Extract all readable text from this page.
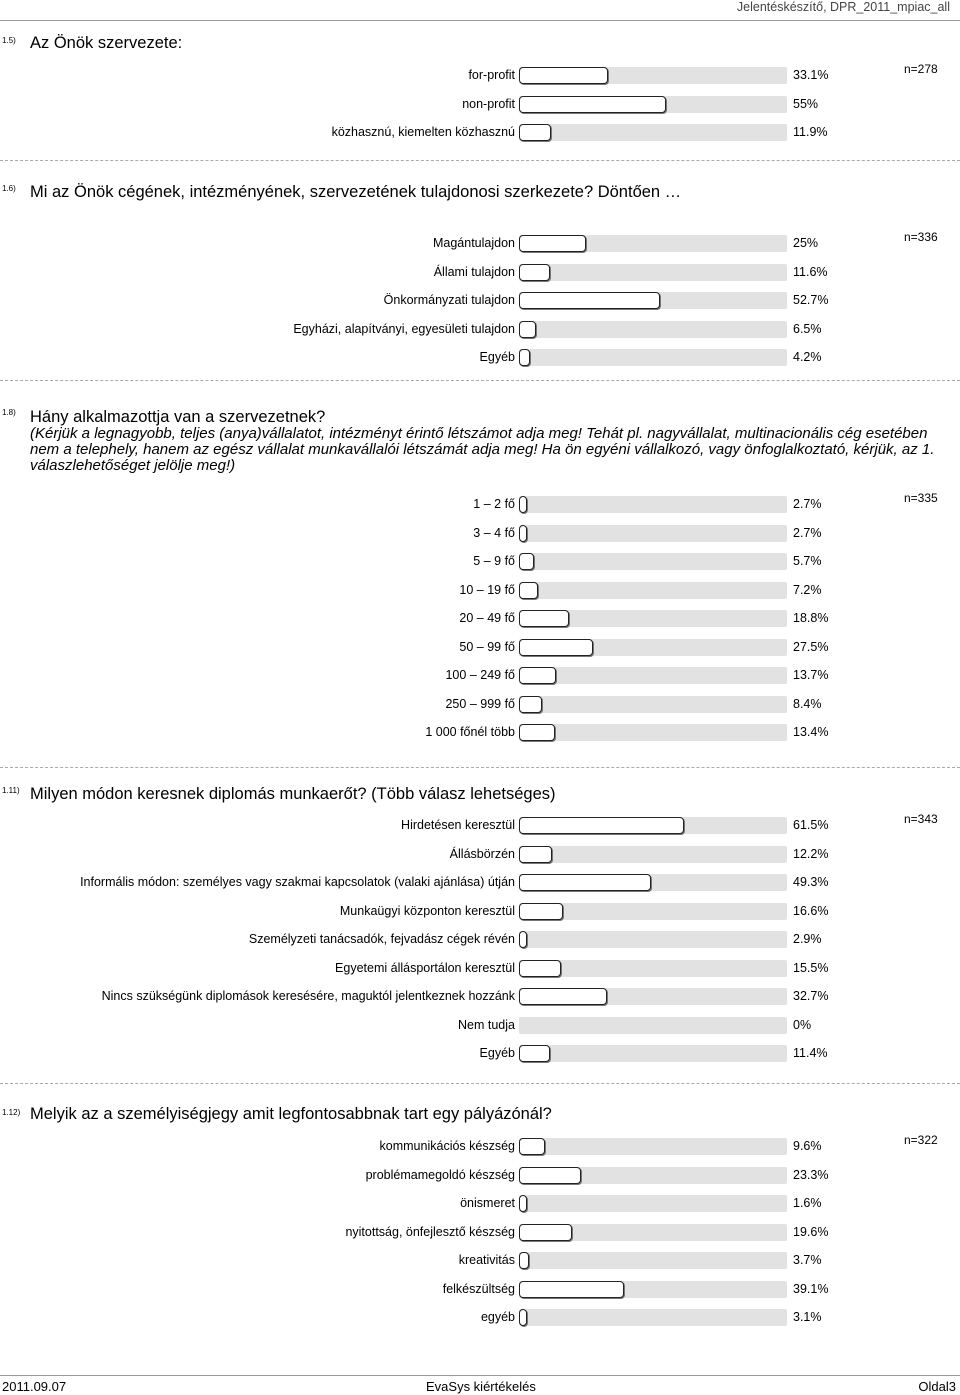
Jelentéskészítő, DPR_2011_mpiac_all
1.5) Az Önök szervezete:
n=278
for-profit	33.1%
non-profit	55%
közhasznú, kiemelten közhasznú	11.9%
1.6) Mi az Önök cégének, intézményének, szervezetének tulajdonosi szerkezete? Döntően …
n=336
Magántulajdon	25%
Állami tulajdon	11.6%
Önkormányzati tulajdon	52.7%
Egyházi, alapítványi, egyesületi tulajdon	6.5%
Egyéb	4.2%
1.8) Hány alkalmazottja van a szervezetnek?
(Kérjük a legnagyobb, teljes (anya)vállalatot, intézményt érintő létszámot adja meg! Tehát pl. nagyvállalat, multinacionális cég esetében nem a telephely, hanem az egész vállalat munkavállalói létszámát adja meg! Ha ön egyéni vállalkozó, vagy önfoglalkoztató, kérjük, az 1. válaszlehetőséget jelölje meg!)
n=335
1 – 2 fő	2.7%
3 – 4 fő	2.7%
5 – 9 fő	5.7%
10 – 19 fő	7.2%
20 – 49 fő	18.8%
50 – 99 fő	27.5%
100 – 249 fő	13.7%
250 – 999 fő	8.4%
1 000 főnél több	13.4%
1.11) Milyen módon keresnek diplomás munkaerőt? (Több válasz lehetséges)
n=343
Hirdetésen keresztül	61.5%
Állásbörzén	12.2%
Informális módon: személyes vagy szakmai kapcsolatok (valaki ajánlása) útján	49.3%
Munkaügyi központon keresztül	16.6%
Személyzeti tanácsadók, fejvadász cégek révén	2.9%
Egyetemi állásportálon keresztül	15.5%
Nincs szükségünk diplomások keresésére, maguktól jelentkeznek hozzánk	32.7%
Nem tudja	0%
Egyéb	11.4%
1.12) Melyik az a személyiségjegy amit legfontosabbnak tart egy pályázónál?
n=322
kommunikációs készség	9.6%
problémamegoldó készség	23.3%
önismeret	1.6%
nyitottság, önfejlesztő készség	19.6%
kreativitás	3.7%
felkészültség	39.1%
egyéb	3.1%
2011.09.07	EvaSys kiértékelés	Oldal3
